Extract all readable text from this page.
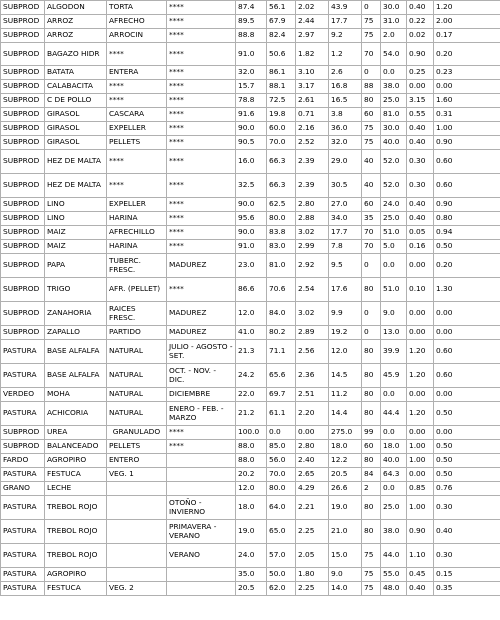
SUBPROD	ALGODON	TORTA	****	87.4	56.1	2.02	43.9	0	30.0	0.40	1.20
SUBPROD	ARROZ	AFRECHO	****	89.5	67.9	2.44	17.7	75	31.0	0.22	2.00
SUBPROD	ARROZ	ARROCIN	****	88.8	82.4	2.97	9.2	75	2.0	0.02	0.17
SUBPROD	BAGAZO HIDR	****	****	91.0	50.6	1.82	1.2	70	54.0	0.90	0.20
SUBPROD	BATATA	ENTERA	****	32.0	86.1	3.10	2.6	0	0.0	0.25	0.23
SUBPROD	CALABACITA	****	****	15.7	88.1	3.17	16.8	88	38.0	0.00	0.00
SUBPROD	C DE POLLO	****	****	78.8	72.5	2.61	16.5	80	25.0	3.15	1.60
SUBPROD	GIRASOL	CASCARA	****	91.6	19.8	0.71	3.8	60	81.0	0.55	0.31
SUBPROD	GIRASOL	EXPELLER	****	90.0	60.0	2.16	36.0	75	30.0	0.40	1.00
SUBPROD	GIRASOL	PELLETS	****	90.5	70.0	2.52	32.0	75	40.0	0.40	0.90
SUBPROD	HEZ DE MALTA	****	****	16.0	66.3	2.39	29.0	40	52.0	0.30	0.60
SUBPROD	HEZ DE MALTA	****	****	32.5	66.3	2.39	30.5	40	52.0	0.30	0.60
SUBPROD	LINO	EXPELLER	****	90.0	62.5	2.80	27.0	60	24.0	0.40	0.90
SUBPROD	LINO	HARINA	****	95.6	80.0	2.88	34.0	35	25.0	0.40	0.80
SUBPROD	MAIZ	AFRECHILLO	****	90.0	83.8	3.02	17.7	70	51.0	0.05	0.94
SUBPROD	MAIZ	HARINA	****	91.0	83.0	2.99	7.8	70	5.0	0.16	0.50
SUBPROD	PAPA	TUBERC. FRESC.	MADUREZ	23.0	81.0	2.92	9.5	0	0.0	0.00	0.20
SUBPROD	TRIGO	AFR. (PELLET)	****	86.6	70.6	2.54	17.6	80	51.0	0.10	1.30
SUBPROD	ZANAHORIA	RAICES FRESC.	MADUREZ	12.0	84.0	3.02	9.9	0	9.0	0.00	0.00
SUBPROD	ZAPALLO	PARTIDO	MADUREZ	41.0	80.2	2.89	19.2	0	13.0	0.00	0.00
PASTURA	BASE ALFALFA	NATURAL	JULIO - AGOSTO - SET.	21.3	71.1	2.56	12.0	80	39.9	1.20	0.60
PASTURA	BASE ALFALFA	NATURAL	OCT. - NOV. - DIC.	24.2	65.6	2.36	14.5	80	45.9	1.20	0.60
VERDEO	MOHA	NATURAL	DICIEMBRE	22.0	69.7	2.51	11.2	80	0.0	0.00	0.00
PASTURA	ACHICORIA	NATURAL	ENERO - FEB. - MARZO	21.2	61.1	2.20	14.4	80	44.4	1.20	0.50
SUBPROD	UREA	GRANULADO	****	100.0	0.0	0.00	275.0	99	0.0	0.00	0.00
SUBPROD	BALANCEADO	PELLETS	****	88.0	85.0	2.80	18.0	60	18.0	1.00	0.50
FARDO	AGROPIRO	ENTERO		88.0	56.0	2.40	12.2	80	40.0	1.00	0.50
PASTURA	FESTUCA	VEG. 1		20.2	70.0	2.65	20.5	84	64.3	0.00	0.50
GRANO	LECHE			12.0	80.0	4.29	26.6	2	0.0	0.85	0.76
PASTURA	TREBOL ROJO		OTOÑO - INVIERNO	18.0	64.0	2.21	19.0	80	25.0	1.00	0.30
PASTURA	TREBOL ROJO		PRIMAVERA - VERANO	19.0	65.0	2.25	21.0	80	38.0	0.90	0.40
PASTURA	TREBOL ROJO		VERANO	24.0	57.0	2.05	15.0	75	44.0	1.10	0.30
PASTURA	AGROPIRO			35.0	50.0	1.80	9.0	75	55.0	0.45	0.15
PASTURA	FESTUCA	VEG. 2		20.5	62.0	2.25	14.0	75	48.0	0.40	0.35
